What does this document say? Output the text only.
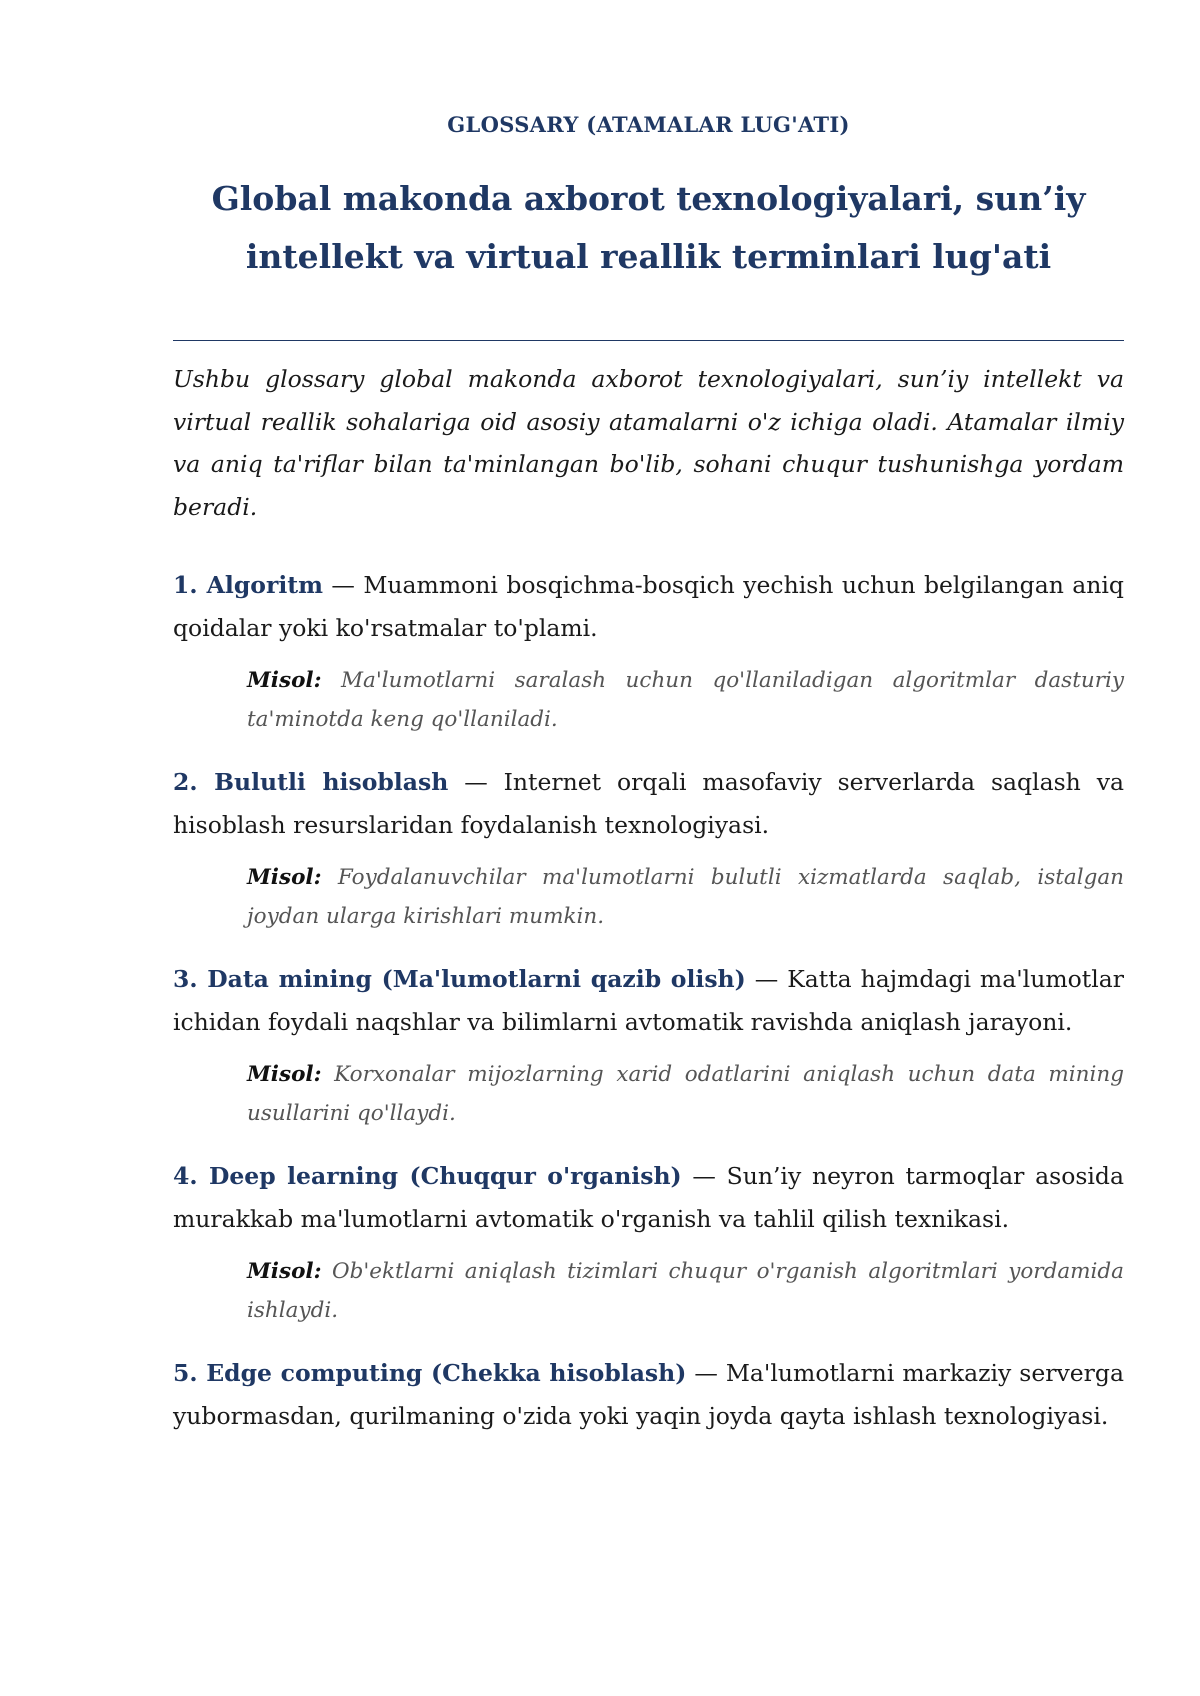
GLOSSARY (ATAMALAR LUG'ATI)
Global makonda axborot texnologiyalari, sun’iy intellekt va virtual reallik terminlari lug'ati

Ushbu glossary global makonda axborot texnologiyalari, sun’iy intellekt va virtual reallik sohalariga oid asosiy atamalarni o'z ichiga oladi. Atamalar ilmiy va aniq ta'riflar bilan ta'minlangan bo'lib, sohani chuqur tushunishga yordam beradi.

1. Algoritm — Muammoni bosqichma-bosqich yechish uchun belgilangan aniq qoidalar yoki ko'rsatmalar to'plami.

Misol: Ma'lumotlarni saralash uchun qo'llaniladigan algoritmlar dasturiy ta'minotda keng qo'llaniladi.

2. Bulutli hisoblash — Internet orqali masofaviy serverlarda saqlash va hisoblash resurslaridan foydalanish texnologiyasi.

Misol: Foydalanuvchilar ma'lumotlarni bulutli xizmatlarda saqlab, istalgan joydan ularga kirishlari mumkin.

3. Data mining (Ma'lumotlarni qazib olish) — Katta hajmdagi ma'lumotlar ichidan foydali naqshlar va bilimlarni avtomatik ravishda aniqlash jarayoni.

Misol: Korxonalar mijozlarning xarid odatlarini aniqlash uchun data mining usullarini qo'llaydi.

4. Deep learning (Chuqqur o'rganish) — Sun’iy neyron tarmoqlar asosida murakkab ma'lumotlarni avtomatik o'rganish va tahlil qilish texnikasi.

Misol: Ob'ektlarni aniqlash tizimlari chuqur o'rganish algoritmlari yordamida ishlaydi.

5. Edge computing (Chekka hisoblash) — Ma'lumotlarni markaziy serverga yubormasdan, qurilmaning o'zida yoki yaqin joyda qayta ishlash texnologiyasi.
